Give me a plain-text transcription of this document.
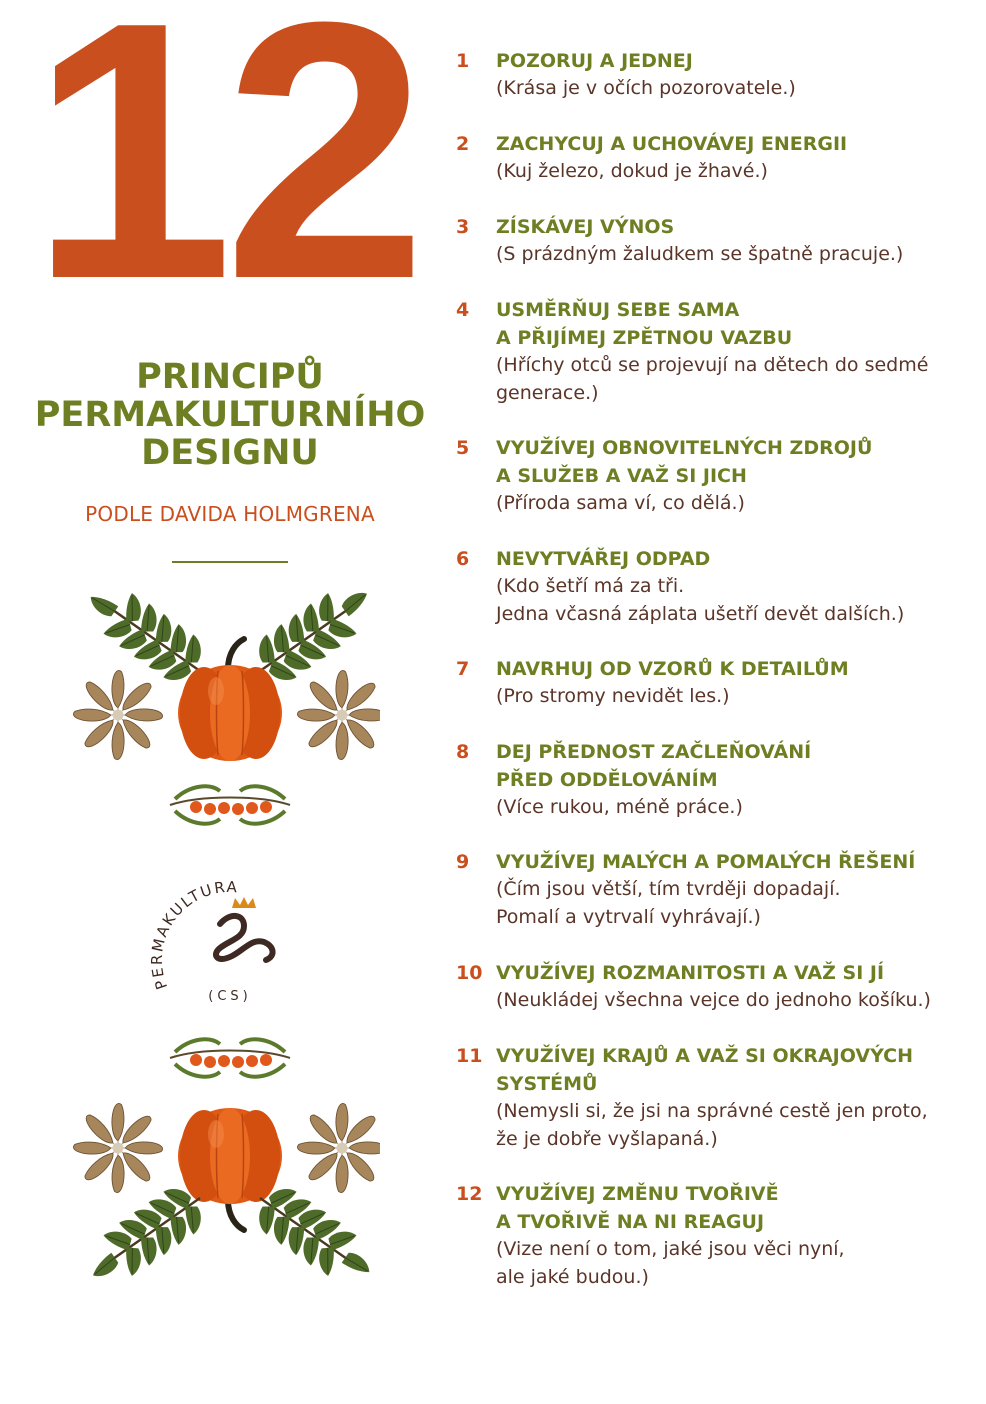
12
PRINCIPŮ
PERMAKULTURNÍHO
DESIGNU
PODLE DAVIDA HOLMGRENA
PERMAKULTURA
(CS)
1	POZORUJ A JEDNEJ
(Krása je v očích pozorovatele.)
2	ZACHYCUJ A UCHOVÁVEJ ENERGII
(Kuj železo, dokud je žhavé.)
3	ZÍSKÁVEJ VÝNOS
(S prázdným žaludkem se špatně pracuje.)
4	USMĚRŇUJ SEBE SAMA
A PŘIJÍMEJ ZPĚTNOU VAZBU
(Hříchy otců se projevují na dětech do sedmé
generace.)
5	VYUŽÍVEJ OBNOVITELNÝCH ZDROJŮ
A SLUŽEB A VAŽ SI JICH
(Příroda sama ví, co dělá.)
6	NEVYTVÁŘEJ ODPAD
(Kdo šetří má za tři.
Jedna včasná záplata ušetří devět dalších.)
7	NAVRHUJ OD VZORŮ K DETAILŮM
(Pro stromy nevidět les.)
8	DEJ PŘEDNOST ZAČLEŇOVÁNÍ
PŘED ODDĚLOVÁNÍM
(Více rukou, méně práce.)
9	VYUŽÍVEJ MALÝCH A POMALÝCH ŘEŠENÍ
(Čím jsou větší, tím tvrději dopadají.
Pomalí a vytrvalí vyhrávají.)
10 VYUŽÍVEJ ROZMANITOSTI A VAŽ SI JÍ
(Neukládej všechna vejce do jednoho košíku.)
11 VYUŽÍVEJ KRAJŮ A VAŽ SI OKRAJOVÝCH
SYSTÉMŮ
(Nemysli si, že jsi na správné cestě jen proto,
že je dobře vyšlapaná.)
12 VYUŽÍVEJ ZMĚNU TVOŘIVĚ
A TVOŘIVĚ NA NI REAGUJ
(Vize není o tom, jaké jsou věci nyní,
ale jaké budou.)
